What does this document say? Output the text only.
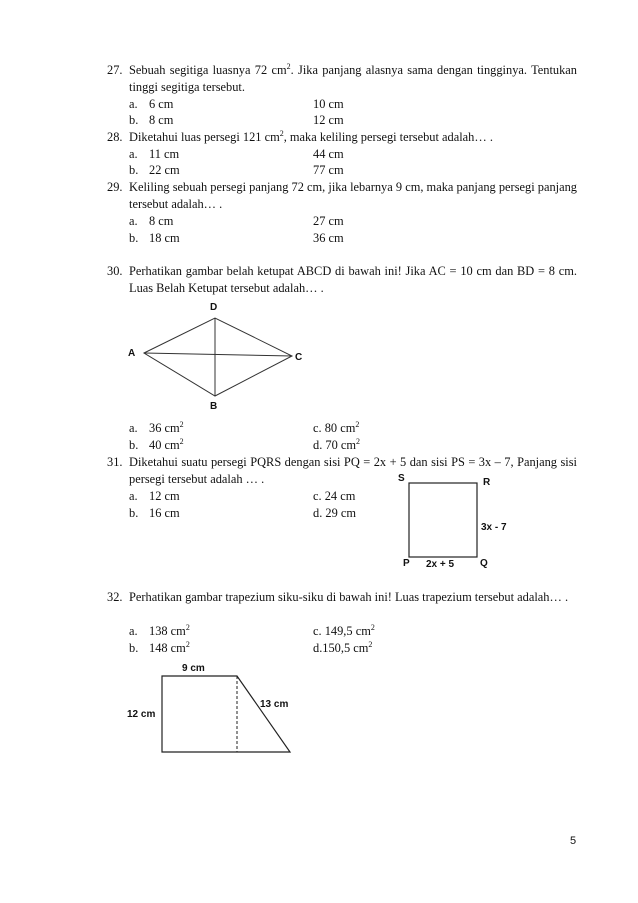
27. Sebuah segitiga luasnya 72 $cm^2$. Jika panjang alasnya sama dengan tingginya. Tentukan tinggi segitiga tersebut.
a. 6 cm	10 cm
b. 8 cm	12 cm
28. Diketahui luas persegi 121 $cm^2$, maka keliling persegi tersebut adalah… .
a. 11 cm	44 cm
b. 22 cm	77 cm
29. Keliling sebuah persegi panjang 72 cm, jika lebarnya 9 cm, maka panjang persegi panjang tersebut adalah… .
a. 8 cm	27 cm
b. 18 cm	36 cm
30. Perhatikan gambar belah ketupat ABCD di bawah ini! Jika AC = 10 cm dan BD = 8 cm. Luas Belah Ketupat tersebut adalah… .
D
A	C
B
a. 36 $cm^2$	c. 80 $cm^2$
b. 40 $cm^2$	d. 70 $cm^2$
31. Diketahui suatu persegi PQRS dengan sisi PQ = 2x + 5 dan sisi PS = 3x – 7, Panjang sisi persegi tersebut adalah … .
a. 12 cm	c. 24 cm
b. 16 cm	d. 29 cm
S	R
3x - 7
P 2x + 5	Q
32. Perhatikan gambar trapezium siku-siku di bawah ini! Luas trapezium tersebut adalah… .
a. 138 $cm^2$	c. 149,5 $cm^2$
b. 148 $cm^2$	d.150,5 $cm^2$
9 cm
12 cm
13 cm
5
